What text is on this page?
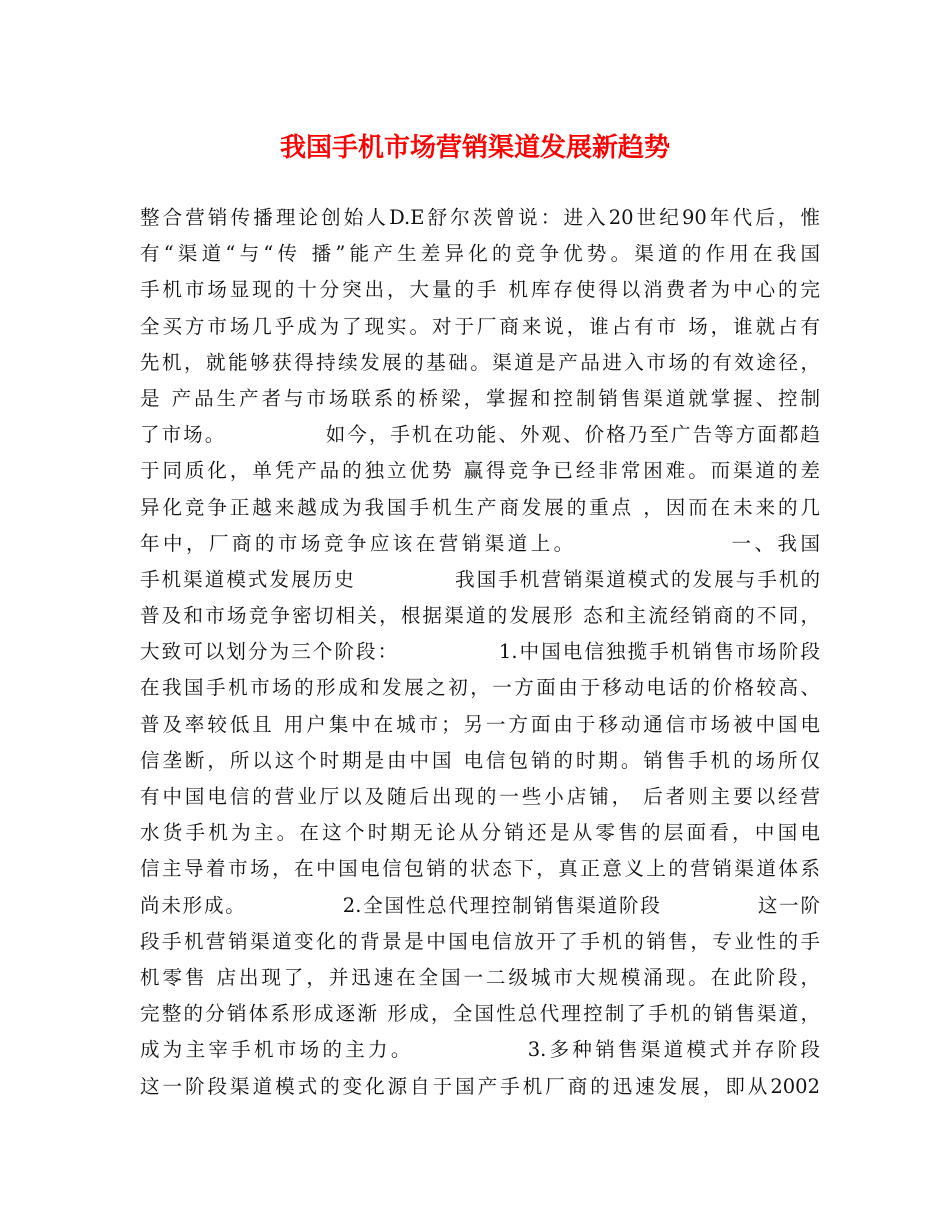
我国手机市场营销渠道发展新趋势
整合营销传播理论创始人D.E舒尔茨曾说：进入20世纪90年代后，惟
有“渠道“与“传 播”能产生差异化的竞争优势。渠道的作用在我国
手机市场显现的十分突出，大量的手 机库存使得以消费者为中心的完
全买方市场几乎成为了现实。对于厂商来说，谁占有市 场，谁就占有
先机，就能够获得持续发展的基础。渠道是产品进入市场的有效途径，
是 产品生产者与市场联系的桥梁，掌握和控制销售渠道就掌握、控制
了市场。            如今，手机在功能、外观、价格乃至广告等方面都趋
于同质化，单凭产品的独立优势 赢得竞争已经非常困难。而渠道的差
异化竞争正越来越成为我国手机生产商发展的重点 ，因而在未来的几
年中，厂商的市场竞争应该在营销渠道上。                一、我国
手机渠道模式发展历史            我国手机营销渠道模式的发展与手机的
普及和市场竞争密切相关，根据渠道的发展形 态和主流经销商的不同，
大致可以划分为三个阶段：            1.中国电信独揽手机销售市场阶段
在我国手机市场的形成和发展之初，一方面由于移动电话的价格较高、
普及率较低且 用户集中在城市；另一方面由于移动通信市场被中国电
信垄断，所以这个时期是由中国 电信包销的时期。销售手机的场所仅
有中国电信的营业厅以及随后出现的一些小店铺， 后者则主要以经营
水货手机为主。在这个时期无论从分销还是从零售的层面看，中国电
信主导着市场，在中国电信包销的状态下，真正意义上的营销渠道体系
尚未形成。            2.全国性总代理控制销售渠道阶段            这一阶
段手机营销渠道变化的背景是中国电信放开了手机的销售，专业性的手
机零售 店出现了，并迅速在全国一二级城市大规模涌现。在此阶段，
完整的分销体系形成逐渐 形成，全国性总代理控制了手机的销售渠道，
成为主宰手机市场的主力。            3.多种销售渠道模式并存阶段
这一阶段渠道模式的变化源自于国产手机厂商的迅速发展，即从2002
